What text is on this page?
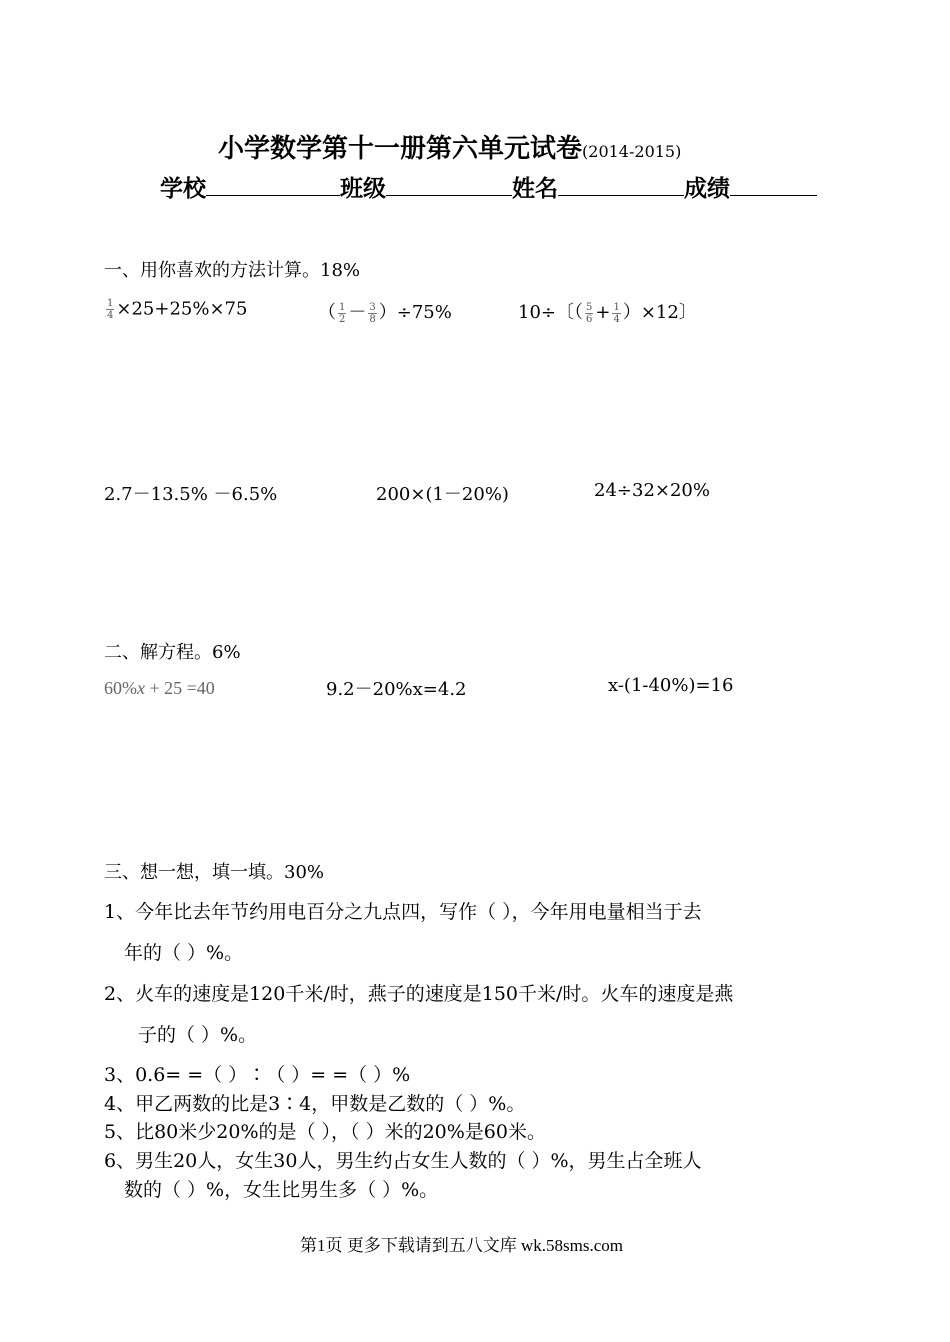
小学数学第十一册第六单元试卷(2014-2015)
学校	班级	姓名	成绩
一、用你喜欢的方法计算。18%
$\frac{1}{4} \times 25+25\%\times 75$	（ $\frac{1}{2} - \frac{3}{8} )\div 75\%$	10÷〔（ $\frac{5}{6} + \frac{1}{4} )\times 12$〕
2.7－13.5% －6.5%	200×(1－20%)	24÷32×20%
二、解方程。6%
60%x + 25 =40	9.2－20%x=4.2	x-(1-40%)=16
三、想一想，填一填。30%
1、今年比去年节约用电百分之九点四，写作（ ），今年用电量相当于去
年的（ ）%。
2、火车的速度是120千米/时，燕子的速度是150千米/时。火车的速度是燕
子的（ ）%。
3、0.6= =（ ）∶（ ）= =（ ）%
4、甲乙两数的比是3∶4，甲数是乙数的（ ）%。
5、比80米少20%的是（ ），（ ）米的20%是60米。
6、男生20人，女生30人，男生约占女生人数的（ ）%，男生占全班人
数的（ ）%，女生比男生多（ ）%。
第1页 更多下载请到五八文库 wk.58sms.com
